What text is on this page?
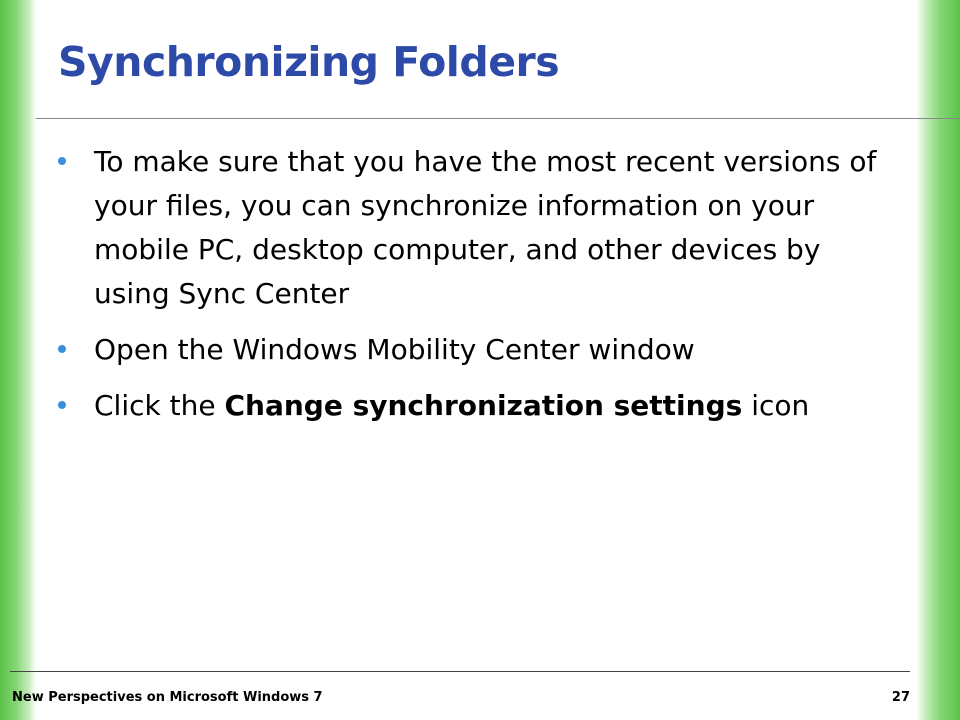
Synchronizing Folders
To make sure that you have the most recent versions of your files, you can synchronize information on your mobile PC, desktop computer, and other devices by using Sync Center
Open the Windows Mobility Center window
Click the Change synchronization settings icon
New Perspectives on Microsoft Windows 7	27
